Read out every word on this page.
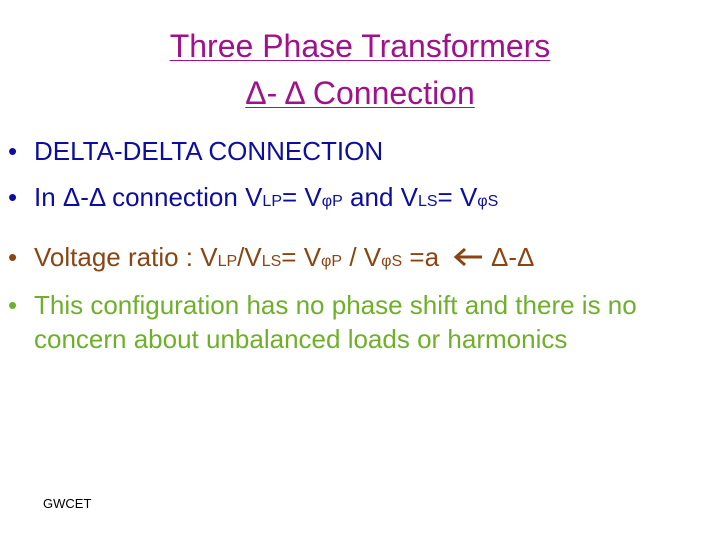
Three Phase Transformers
Δ- Δ Connection
• DELTA-DELTA CONNECTION
• In Δ-Δ connection VLP= VφP and VLS= VφS
• Voltage ratio : VLP/VLS= VφP / VφS =a Δ-Δ
• This configuration has no phase shift and there is no concern about unbalanced loads or harmonics
GWCET
